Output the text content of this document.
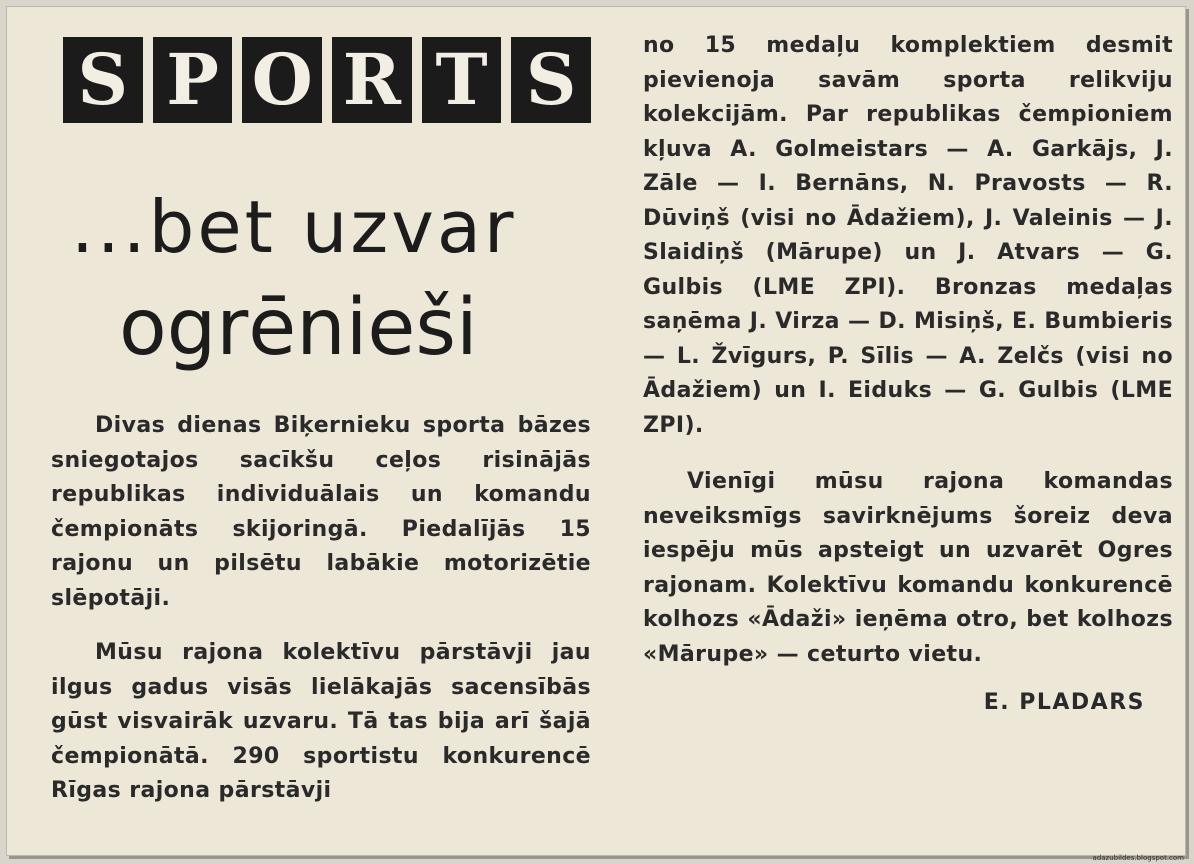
S P O R T S
...bet uzvar
ogrēnieši

Divas dienas Biķernieku sporta bāzes sniegotajos sacīkšu ceļos risinājās republikas individuālais un komandu čempionāts skijoringā. Piedalījās 15 rajonu un pilsētu labākie motorizētie slēpotāji.

Mūsu rajona kolektīvu pārstāvji jau ilgus gadus visās lielākajās sacensībās gūst visvairāk uzvaru. Tā tas bija arī šajā čempionātā. 290 sportistu konkurencē Rīgas rajona pārstāvji

no 15 medaļu komplektiem desmit pievienoja savām sporta relikviju kolekcijām. Par republikas čempioniem kļuva A. Golmeistars — A. Garkājs, J. Zāle — I. Bernāns, N. Pravosts — R. Dūviņš (visi no Ādažiem), J. Valeinis — J. Slaidiņš (Mārupe) un J. Atvars — G. Gulbis (LME ZPI). Bronzas medaļas saņēma J. Virza — D. Misiņš, E. Bumbieris — L. Žvīgurs, P. Sīlis — A. Zelčs (visi no Ādažiem) un I. Eiduks — G. Gulbis (LME ZPI).

Vienīgi mūsu rajona komandas neveiksmīgs savirknējums šoreiz deva iespēju mūs apsteigt un uzvarēt Ogres rajonam. Kolektīvu komandu konkurencē kolhozs «Ādaži» ieņēma otro, bet kolhozs «Mārupe» — ceturto vietu.

E. PLADARS
adazubildes.blogspot.com
